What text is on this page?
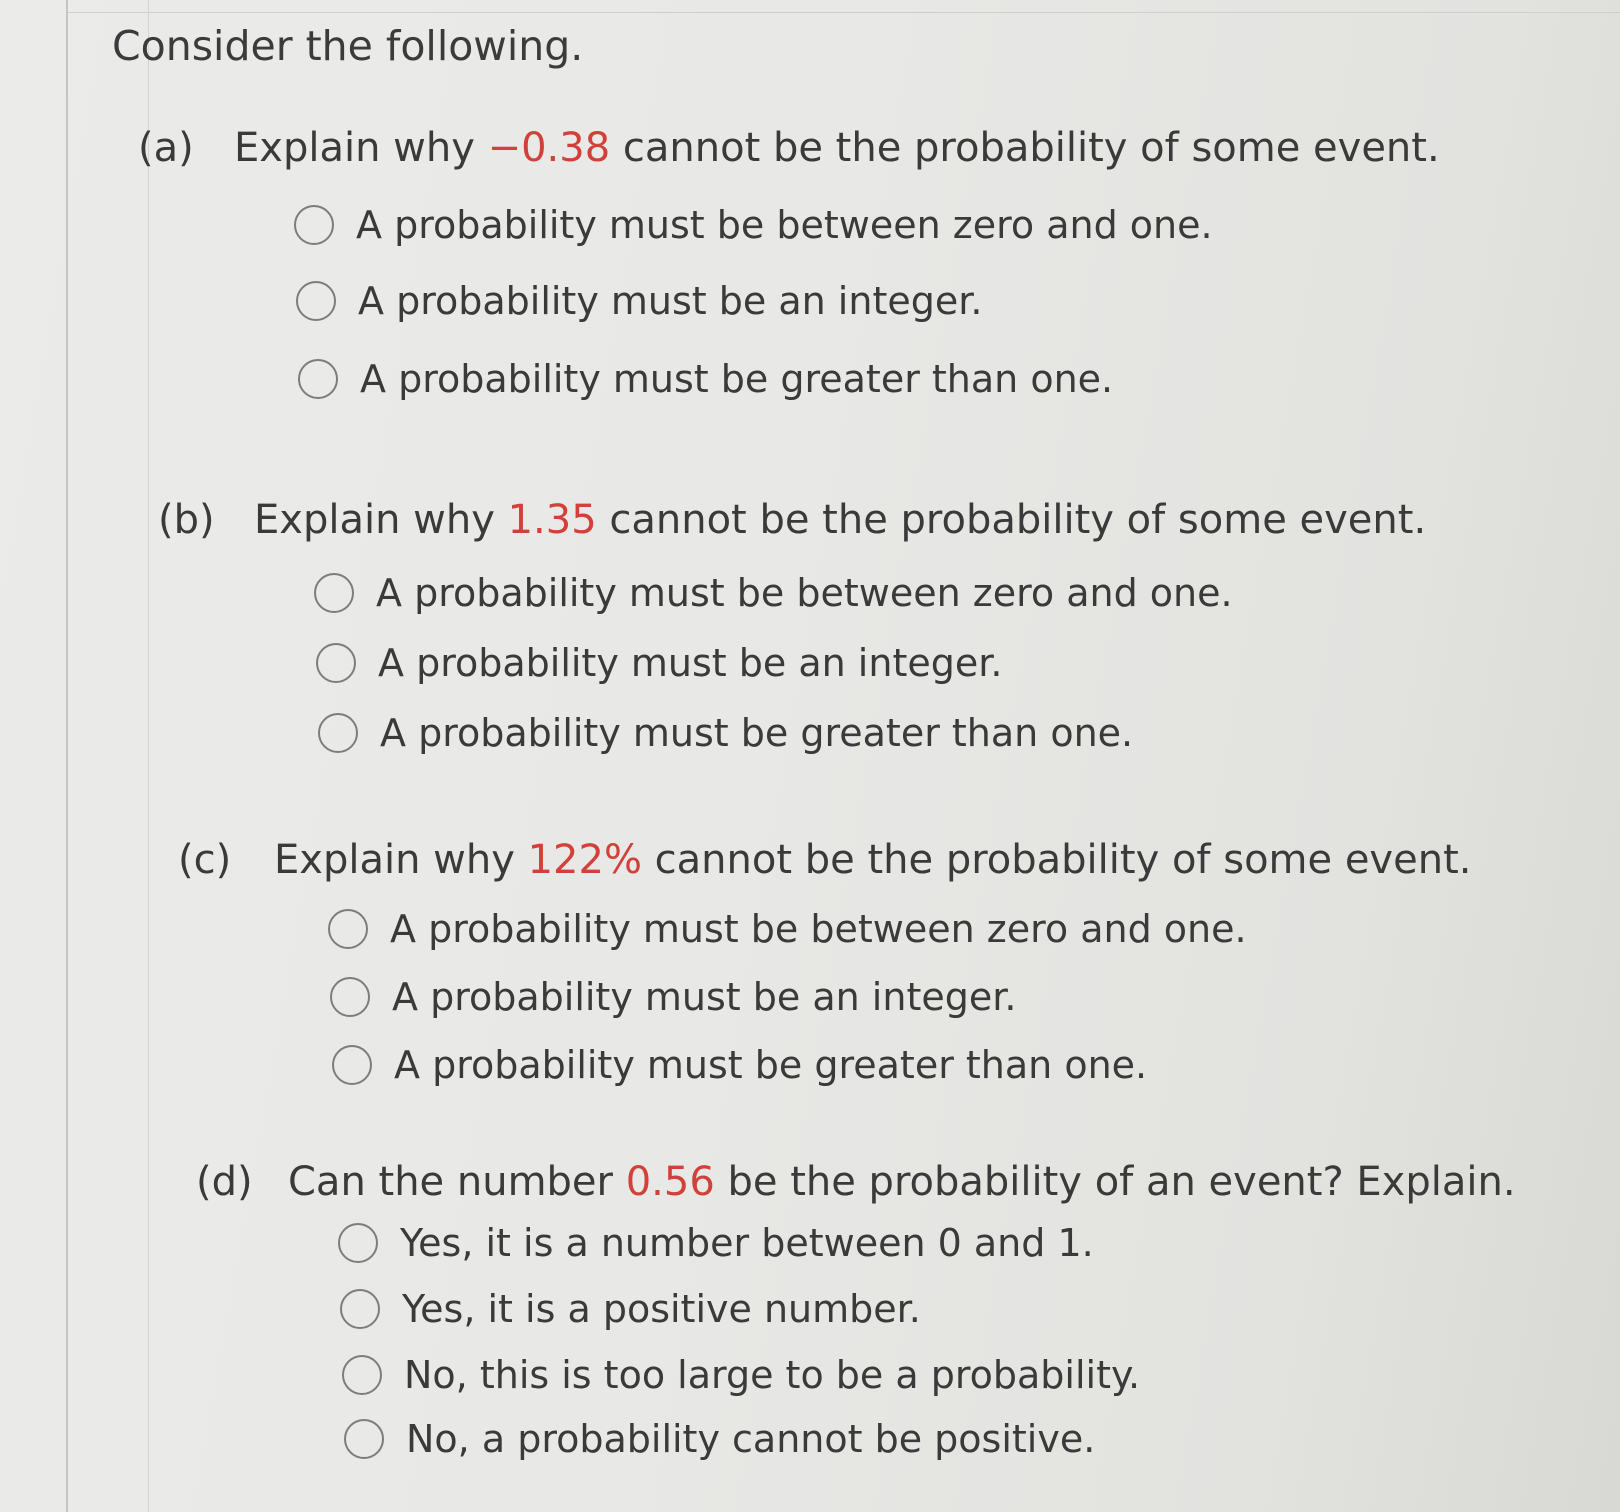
Consider the following.
(a) Explain why −0.38 cannot be the probability of some event.
A probability must be between zero and one.
A probability must be an integer.
A probability must be greater than one.
(b) Explain why 1.35 cannot be the probability of some event.
A probability must be between zero and one.
A probability must be an integer.
A probability must be greater than one.
(c) Explain why 122% cannot be the probability of some event.
A probability must be between zero and one.
A probability must be an integer.
A probability must be greater than one.
(d) Can the number 0.56 be the probability of an event? Explain.
Yes, it is a number between 0 and 1.
Yes, it is a positive number.
No, this is too large to be a probability.
No, a probability cannot be positive.
